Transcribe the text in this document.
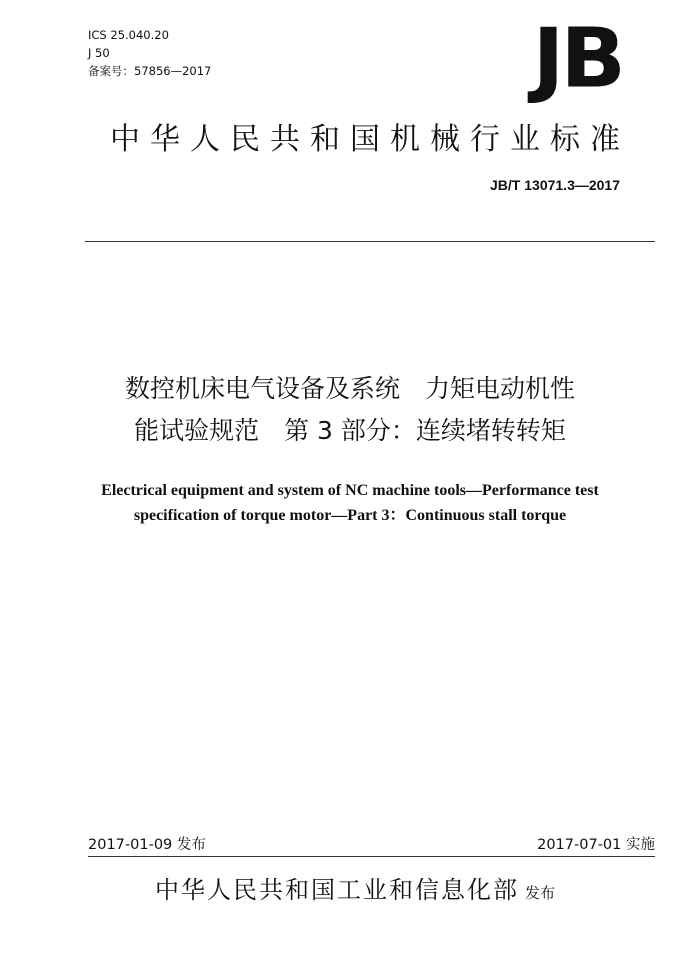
ICS 25.040.20
J 50
备案号：57856—2017	JB
中华人民共和国机械行业标准
JB/T 13071.3—2017
数控机床电气设备及系统　力矩电动机性
能试验规范　第 3 部分：连续堵转转矩
Electrical equipment and system of NC machine tools—Performance test
specification of torque motor—Part 3：Continuous stall torque
2017-01-09 发布	2017-07-01 实施
中华人民共和国工业和信息化部 发布
